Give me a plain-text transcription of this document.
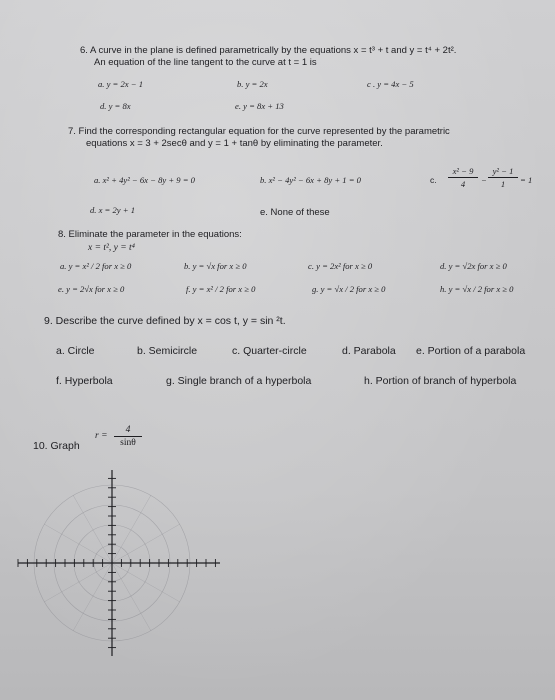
6. A curve in the plane is defined parametrically by the equations x = t³ + t and y = t⁴ + 2t².
An equation of the line tangent to the curve at t = 1 is
a. y = 2x − 1	b. y = 2x	c . y = 4x − 5
d. y = 8x	e. y = 8x + 13
7. Find the corresponding rectangular equation for the curve represented by the parametric
equations x = 3 + 2secθ and y = 1 + tanθ by eliminating the parameter.
a. x² + 4y² − 6x − 8y + 9 = 0	b. x² − 4y² − 6x + 8y + 1 = 0	c.
x² − 9
4	−
y² − 1
1	= 1
d. x = 2y + 1	e. None of these
8. Eliminate the parameter in the equations:
x = t², y = t⁴
a. y = x² / 2 for x ≥ 0	b. y = √x for x ≥ 0	c. y = 2x² for x ≥ 0	d. y = √2x for x ≥ 0
e. y = 2√x for x ≥ 0	f. y = x² / 2 for x ≥ 0	g. y = √x / 2 for x ≥ 0	h. y = √x / 2 for x ≥ 0
9. Describe the curve defined by x = cos t, y = sin ²t.
a. Circle	b. Semicircle	c. Quarter-circle	d. Parabola e. Portion of a parabola
f. Hyperbola	g. Single branch of a hyperbola	h. Portion of branch of hyperbola
10. Graph
r =
4
sinθ
